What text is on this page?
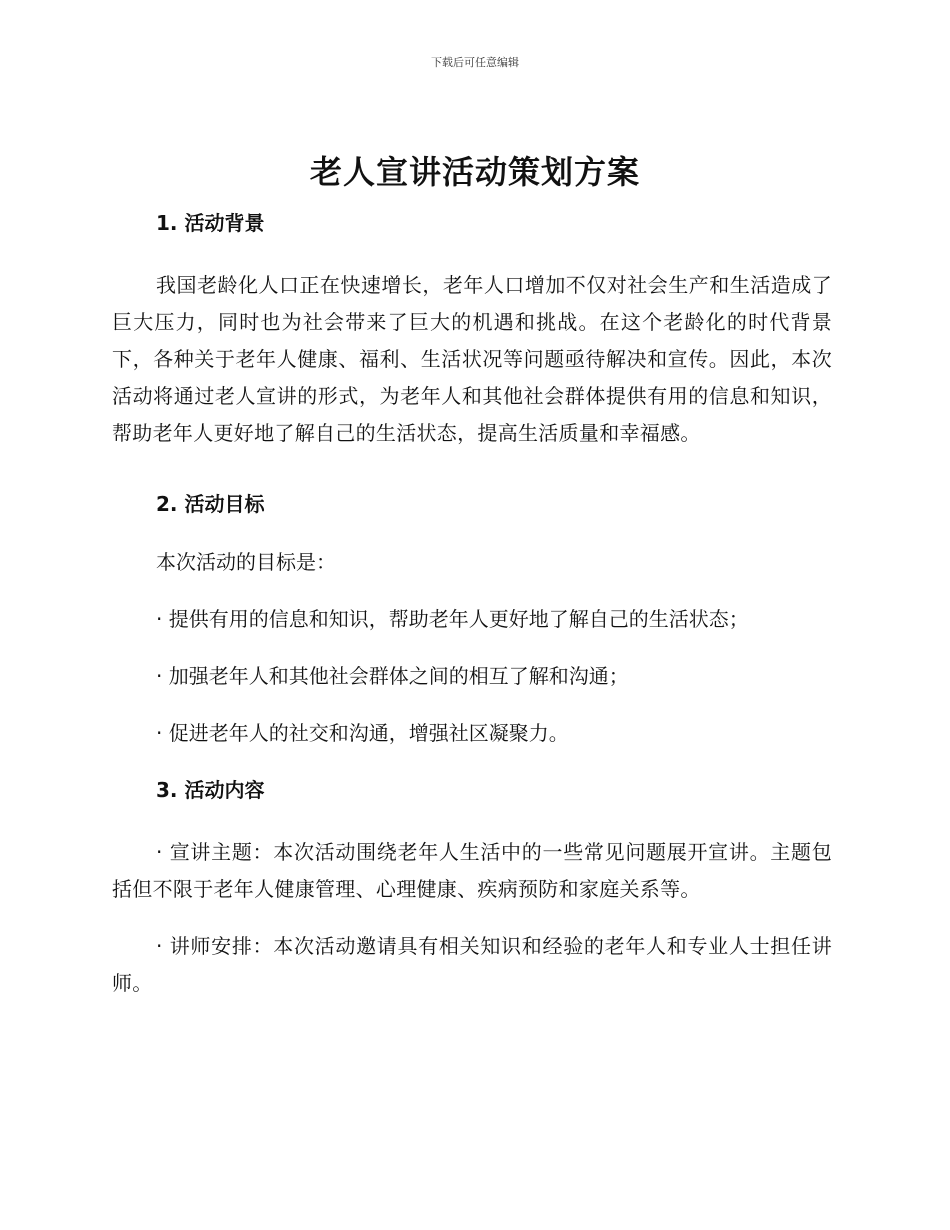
下载后可任意编辑
老人宣讲活动策划方案
1. 活动背景

我国老龄化人口正在快速增长，老年人口增加不仅对社会生产和生活造成了巨大压力，同时也为社会带来了巨大的机遇和挑战。在这个老龄化的时代背景下，各种关于老年人健康、福利、生活状况等问题亟待解决和宣传。因此，本次活动将通过老人宣讲的形式，为老年人和其他社会群体提供有用的信息和知识，帮助老年人更好地了解自己的生活状态，提高生活质量和幸福感。

2. 活动目标

本次活动的目标是：

· 提供有用的信息和知识，帮助老年人更好地了解自己的生活状态；

· 加强老年人和其他社会群体之间的相互了解和沟通；

· 促进老年人的社交和沟通，增强社区凝聚力。

3. 活动内容

· 宣讲主题：本次活动围绕老年人生活中的一些常见问题展开宣讲。主题包括但不限于老年人健康管理、心理健康、疾病预防和家庭关系等。

· 讲师安排：本次活动邀请具有相关知识和经验的老年人和专业人士担任讲师。
